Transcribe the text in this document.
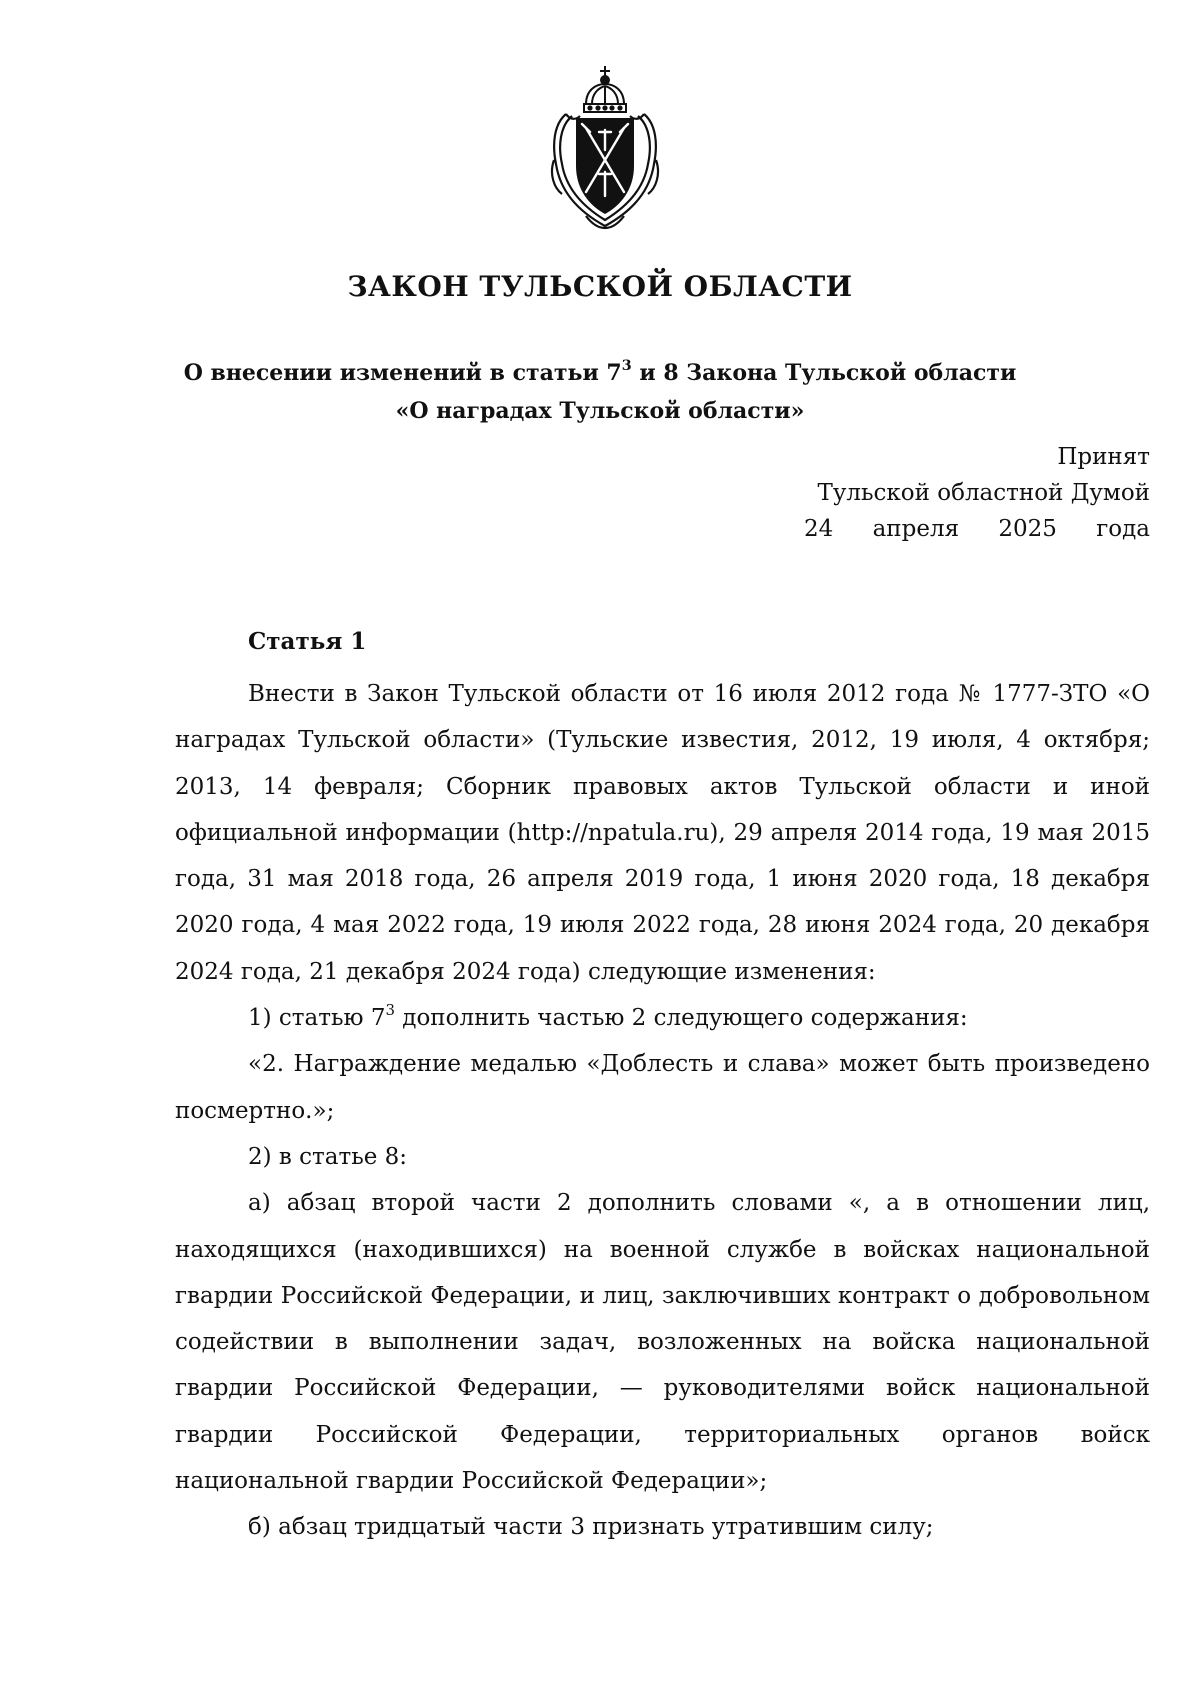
ЗАКОН ТУЛЬСКОЙ ОБЛАСТИ
О внесении изменений в статьи $7^3$ и 8 Закона Тульской области
«О наградах Тульской области»
Принят
Тульской областной Думой
24 апреля 2025 года
Статья 1

Внести в Закон Тульской области от 16 июля 2012 года № 1777-ЗТО «О наградах Тульской области» (Тульские известия, 2012, 19 июля, 4 октября; 2013, 14 февраля; Сборник правовых актов Тульской области и иной официальной информации (http://npatula.ru), 29 апреля 2014 года, 19 мая 2015 года, 31 мая 2018 года, 26 апреля 2019 года, 1 июня 2020 года, 18 декабря 2020 года, 4 мая 2022 года, 19 июля 2022 года, 28 июня 2024 года, 20 декабря 2024 года, 21 декабря 2024 года) следующие изменения:

1) статью $7^3$ дополнить частью 2 следующего содержания:

«2. Награждение медалью «Доблесть и слава» может быть произведено посмертно.»;

2) в статье 8:

а) абзац второй части 2 дополнить словами «, а в отношении лиц, находящихся (находившихся) на военной службе в войсках национальной гвардии Российской Федерации, и лиц, заключивших контракт о добровольном содействии в выполнении задач, возложенных на войска национальной гвардии Российской Федерации, — руководителями войск национальной гвардии Российской Федерации, территориальных органов войск национальной гвардии Российской Федерации»;

б) абзац тридцатый части 3 признать утратившим силу;
